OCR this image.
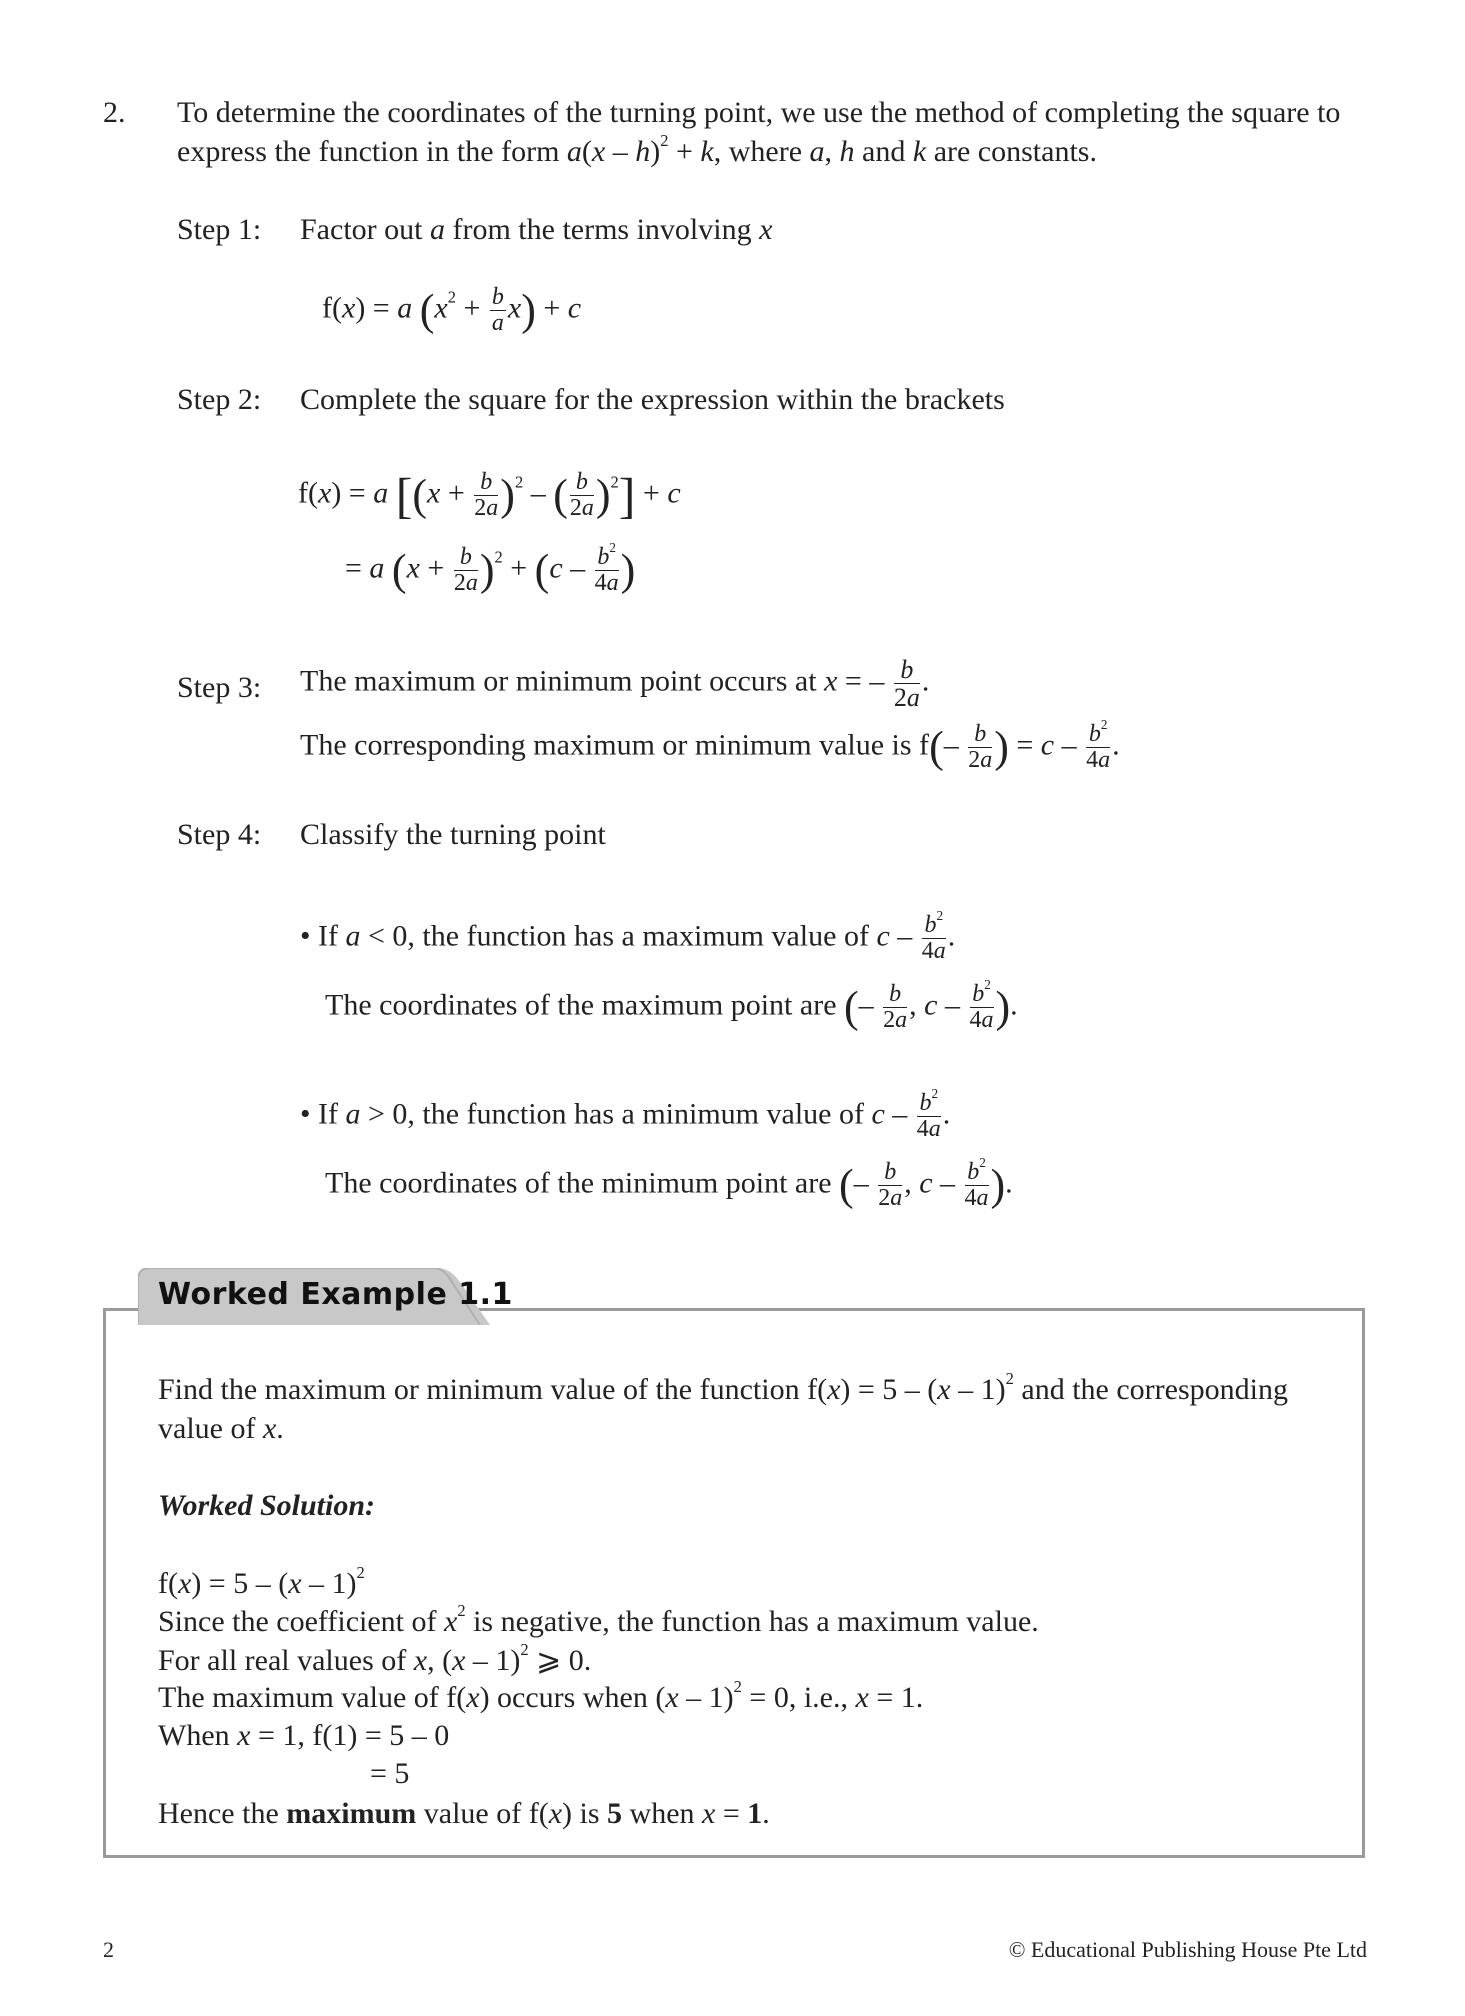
2. To determine the coordinates of the turning point, we use the method of completing the square to
express the function in the form a(x – h)$^2$ + k, where a, h and k are constants.
Step 1: Factor out a from the terms involving x
f(x) = a $(x^2 + \frac{b}{a} x) + c$
Step 2: Complete the square for the expression within the brackets
f(x) = a [$(x + \frac{b}{2a} )^2$ – ( $\frac{b}{2a} )^2] + c$
= a $(x + \frac{b}{2a} )^2 + (c - \frac{b^2}{4a}$ )
Step 3: The maximum or minimum point occurs at x = – $\frac{b}{2a}$ .
The corresponding maximum or minimum value is $f(- \frac{b}{2a}$ ) = c – $\frac{b^2}{4a}$ .
Step 4: Classify the turning point
• If a < 0, the function has a maximum value of c – $\frac{b^2}{4a}$ .
The coordinates of the maximum point are (– $\frac{b}{2a}$ , c – $\frac{b^2}{4a}$ ).
• If a > 0, the function has a minimum value of c – $\frac{b^2}{4a}$ .
The coordinates of the minimum point are (– $\frac{b}{2a}$ , c – $\frac{b^2}{4a}$ ).
Worked Example 1.1
Find the maximum or minimum value of the function f(x) = 5 – (x – 1)$^2$ and the corresponding
value of x.
Worked Solution:
f(x) = 5 – (x – 1)$^2$
Since the coefficient of $x^2$ is negative, the function has a maximum value.
For all real values of x, (x – 1)$^2$ ⩾ 0.
The maximum value of f(x) occurs when (x – 1)$^2$ = 0, i.e., x = 1.
When x = 1, f(1) = 5 – 0
= 5
Hence the maximum value of f(x) is 5 when x = 1.
2	© Educational Publishing House Pte Ltd
